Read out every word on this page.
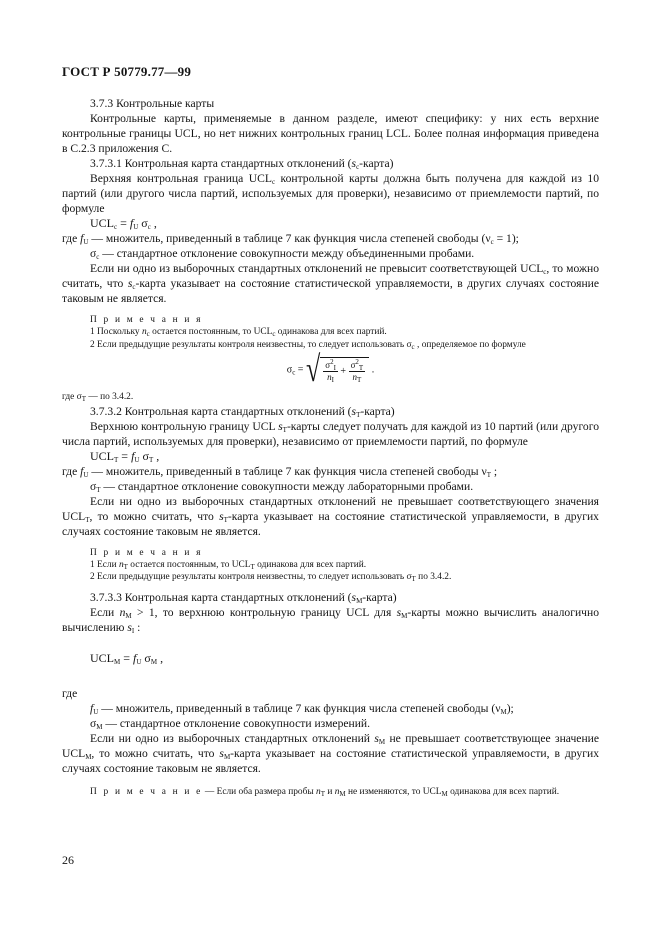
ГОСТ Р 50779.77—99

3.7.3 Контрольные карты

Контрольные карты, применяемые в данном разделе, имеют специфику: у них есть верхние контрольные границы UCL, но нет нижних контрольных границ LCL. Более полная информация приведена в С.2.3 приложения С.

3.7.3.1 Контрольная карта стандартных отклонений $(s_c-карта)$

Верхняя контрольная граница $UCL_c$ контрольной карты должна быть получена для каждой из 10 партий (или другого числа партий, используемых для проверки), независимо от приемлемости партий, по формуле

$UCL_c = f_U$ $\sigma_c$ ,

где $f_U$ — множитель, приведенный в таблице 7 как функция числа степеней свободы $(\nu_c = 1)$;

$\sigma_c$ — стандартное отклонение совокупности между объединенными пробами.

Если ни одно из выборочных стандартных отклонений не превысит соответствующей $UCL_c$, то можно считать, что $s_c$-карта указывает на состояние статистической управляемости, в других случаях состояние таковым не является.

П р и м е ч а н и я

1 Поскольку $n_c$ остается постоянным, то $UCL_c$ одинакова для всех партий.

2 Если предыдущие результаты контроля неизвестны, то следует использовать $\sigma_c$ , определяемое по формуле

$\sigma_c$ = √ $\frac{\sigma^2_I}{n_I} + \frac{\sigma^2_T}{n_T}$ .

где $\sigma_T$ — по 3.4.2.

3.7.3.2 Контрольная карта стандартных отклонений $(s_T-карта)$

Верхнюю контрольную границу UCL $s_T$-карты следует получать для каждой из 10 партий (или другого числа партий, используемых для проверки), независимо от приемлемости партий, по формуле

$UCL_T = f_U$ $\sigma_T$ ,

где $f_U$ — множитель, приведенный в таблице 7 как функция числа степеней свободы $\nu_T$ ;

$\sigma_T$ — стандартное отклонение совокупности между лабораторными пробами.

Если ни одно из выборочных стандартных отклонений не превышает соответствующего значения $UCL_T$, то можно считать, что $s_T$-карта указывает на состояние статистической управляемости, в других случаях состояние таковым не является.

П р и м е ч а н и я

1 Если $n_T$ остается постоянным, то $UCL_T$ одинакова для всех партий.

2 Если предыдущие результаты контроля неизвестны, то следует использовать $\sigma_T$ по 3.4.2.

3.7.3.3 Контрольная карта стандартных отклонений $(s_M-карта)$

Если $n_M > 1$, то верхнюю контрольную границу UCL для $s_M$-карты можно вычислить аналогично вычислению $s_I$ :

$UCL_M = f_U$ $\sigma_M$ ,

где

$f_U$ — множитель, приведенный в таблице 7 как функция числа степеней свободы $(\nu_M)$;

$\sigma_M$ — стандартное отклонение совокупности измерений.

Если ни одно из выборочных стандартных отклонений $s_M$ не превышает соответствующее значение $UCL_M$, то можно считать, что $s_M$-карта указывает на состояние статистической управляемости, в других случаях состояние таковым не является.

П р и м е ч а н и е — Если оба размера пробы $n_T$ и $n_M$ не изменяются, то $UCL_M$ одинакова для всех партий.

26
